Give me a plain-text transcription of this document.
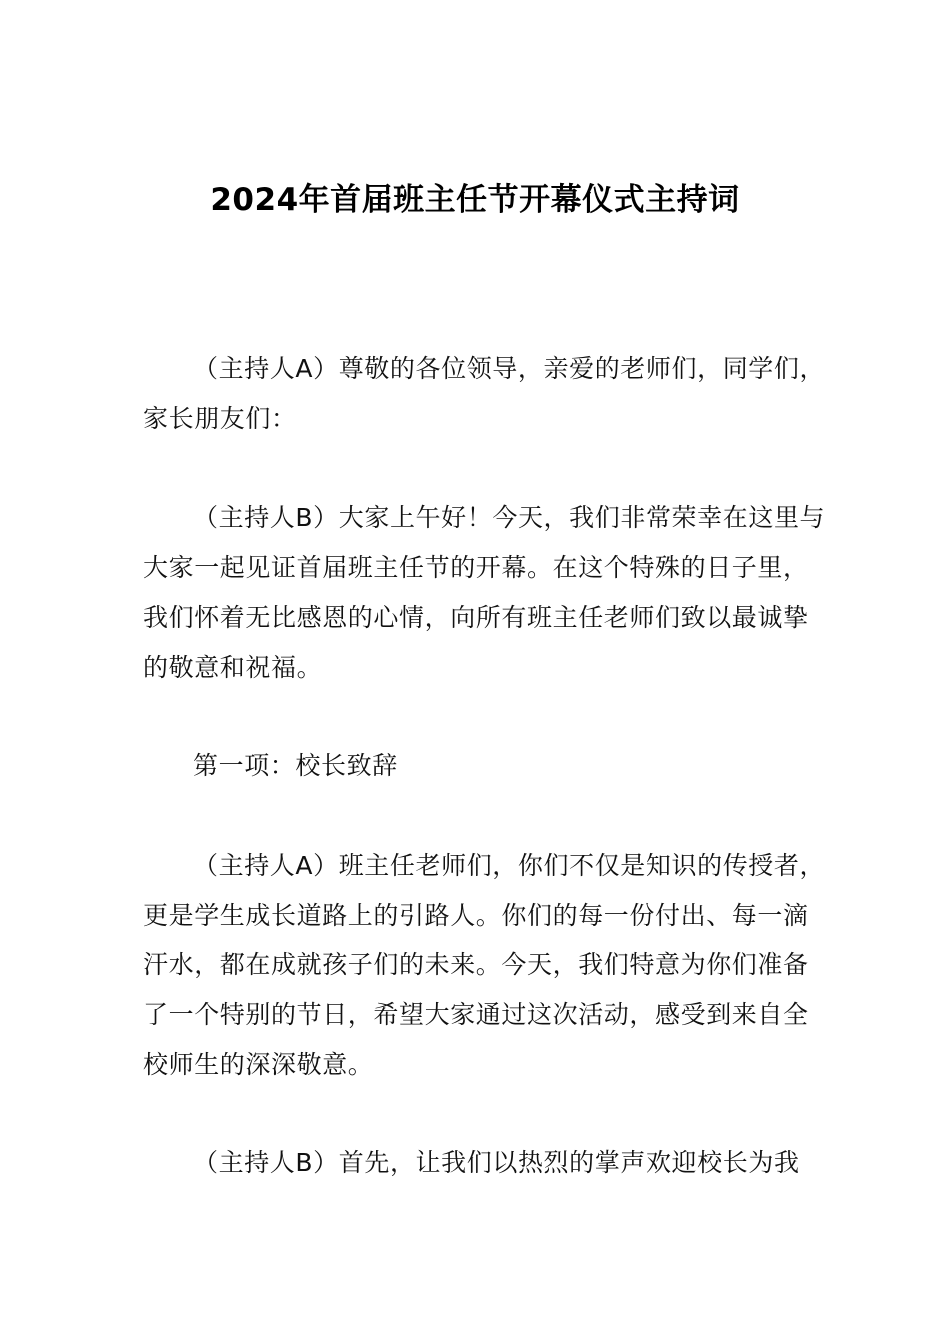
2024年首届班主任节开幕仪式主持词

（主持人A）尊敬的各位领导，亲爱的老师们，同学们，家长朋友们：

（主持人B）大家上午好！今天，我们非常荣幸在这里与大家一起见证首届班主任节的开幕。在这个特殊的日子里，我们怀着无比感恩的心情，向所有班主任老师们致以最诚挚的敬意和祝福。

第一项：校长致辞

（主持人A）班主任老师们，你们不仅是知识的传授者，更是学生成长道路上的引路人。你们的每一份付出、每一滴汗水，都在成就孩子们的未来。今天，我们特意为你们准备了一个特别的节日，希望大家通过这次活动，感受到来自全校师生的深深敬意。

（主持人B）首先，让我们以热烈的掌声欢迎校长为我
